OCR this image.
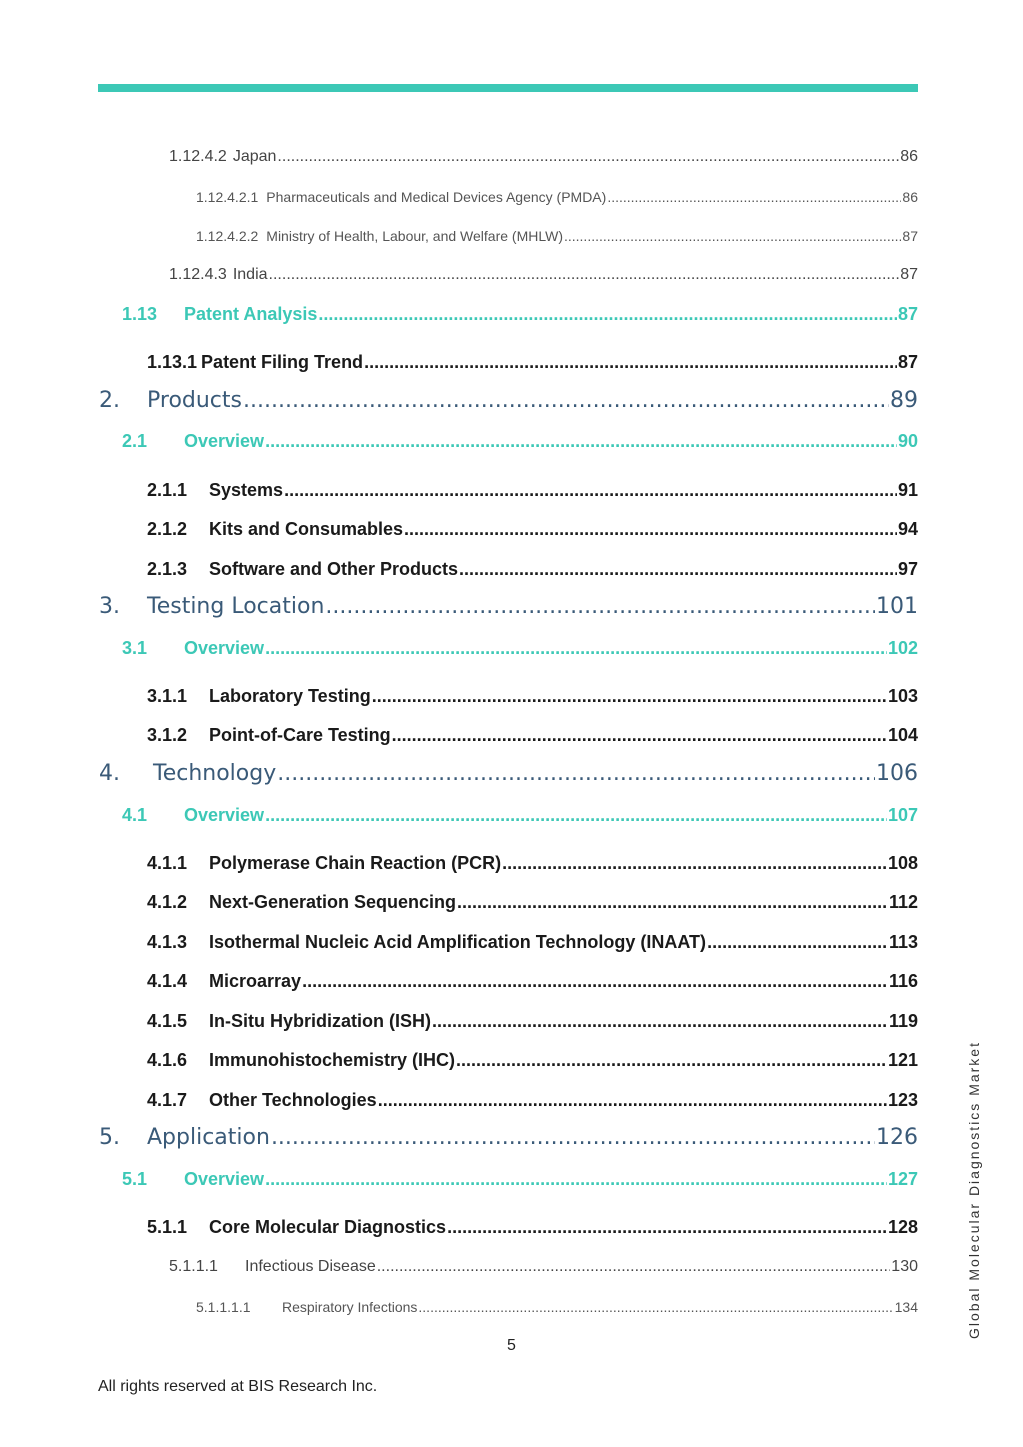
1.12.4.2 Japan .....	86
1.12.4.2.1 Pharmaceuticals and Medical Devices Agency (PMDA) .....	86
1.12.4.2.2 Ministry of Health, Labour, and Welfare (MHLW) .....	87
1.12.4.3 India .....	87
1.13	Patent Analysis .....	87
1.13.1 Patent Filing Trend .....	87
2.	Products .....	89
2.1	Overview .....	90
2.1.1	Systems .....	91
2.1.2	Kits and Consumables .....	94
2.1.3	Software and Other Products .....	97
3.	Testing Location .....	101
3.1	Overview .....	102
3.1.1	Laboratory Testing .....	103
3.1.2	Point-of-Care Testing .....	104
4.	Technology .....	106
4.1	Overview .....	107
4.1.1	Polymerase Chain Reaction (PCR) .....	108
4.1.2	Next-Generation Sequencing .....	112
4.1.3	Isothermal Nucleic Acid Amplification Technology (INAAT) .....	113
4.1.4	Microarray .....	116
4.1.5	In-Situ Hybridization (ISH) .....	119
4.1.6	Immunohistochemistry (IHC) .....	121
4.1.7	Other Technologies .....	123
5.	Application .....	126
5.1	Overview .....	127
5.1.1	Core Molecular Diagnostics .....	128
5.1.1.1	Infectious Disease .....	130
5.1.1.1.1	Respiratory Infections .....	134
5
All rights reserved at BIS Research Inc.
Global Molecular Diagnostics Market
